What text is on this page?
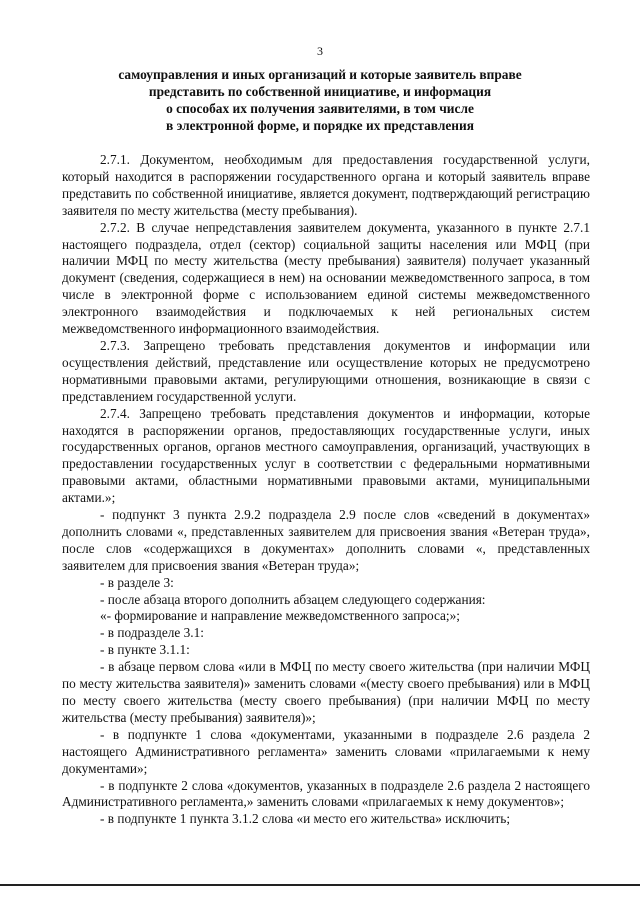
3
самоуправления и иных организаций и которые заявитель вправе
представить по собственной инициативе, и информация
о способах их получения заявителями, в том числе
в электронной форме, и порядке их представления

2.7.1. Документом, необходимым для предоставления государственной услуги, который находится в распоряжении государственного органа и который заявитель вправе представить по собственной инициативе, является документ, подтверждающий регистрацию заявителя по месту жительства (месту пребывания).

2.7.2. В случае непредставления заявителем документа, указанного в пункте 2.7.1 настоящего подраздела, отдел (сектор) социальной защиты населения или МФЦ (при наличии МФЦ по месту жительства (месту пребывания) заявителя) получает указанный документ (сведения, содержащиеся в нем) на основании межведомственного запроса, в том числе в электронной форме с использованием единой системы межведомственного электронного взаимодействия и подключаемых к ней региональных систем межведомственного информационного взаимодействия.

2.7.3. Запрещено требовать представления документов и информации или осуществления действий, представление или осуществление которых не предусмотрено нормативными правовыми актами, регулирующими отношения, возникающие в связи с представлением государственной услуги.

2.7.4. Запрещено требовать представления документов и информации, которые находятся в распоряжении органов, предоставляющих государственные услуги, иных государственных органов, органов местного самоуправления, организаций, участвующих в предоставлении государственных услуг в соответствии с федеральными нормативными правовыми актами, областными нормативными правовыми актами, муниципальными актами.»;

- подпункт 3 пункта 2.9.2 подраздела 2.9 после слов «сведений в документах» дополнить словами «, представленных заявителем для присвоения звания «Ветеран труда», после слов «содержащихся в документах» дополнить словами «, представленных заявителем для присвоения звания «Ветеран труда»;

- в разделе 3:

- после абзаца второго дополнить абзацем следующего содержания:

«- формирование и направление межведомственного запроса;»;

- в подразделе 3.1:

- в пункте 3.1.1:

- в абзаце первом слова «или в МФЦ по месту своего жительства (при наличии МФЦ по месту жительства заявителя)» заменить словами «(месту своего пребывания) или в МФЦ по месту своего жительства (месту своего пребывания) (при наличии МФЦ по месту жительства (месту пребывания) заявителя)»;

- в подпункте 1 слова «документами, указанными в подразделе 2.6 раздела 2 настоящего Административного регламента» заменить словами «прилагаемыми к нему документами»;

- в подпункте 2 слова «документов, указанных в подразделе 2.6 раздела 2 настоящего Административного регламента,» заменить словами «прилагаемых к нему документов»;

- в подпункте 1 пункта 3.1.2 слова «и место его жительства» исключить;
